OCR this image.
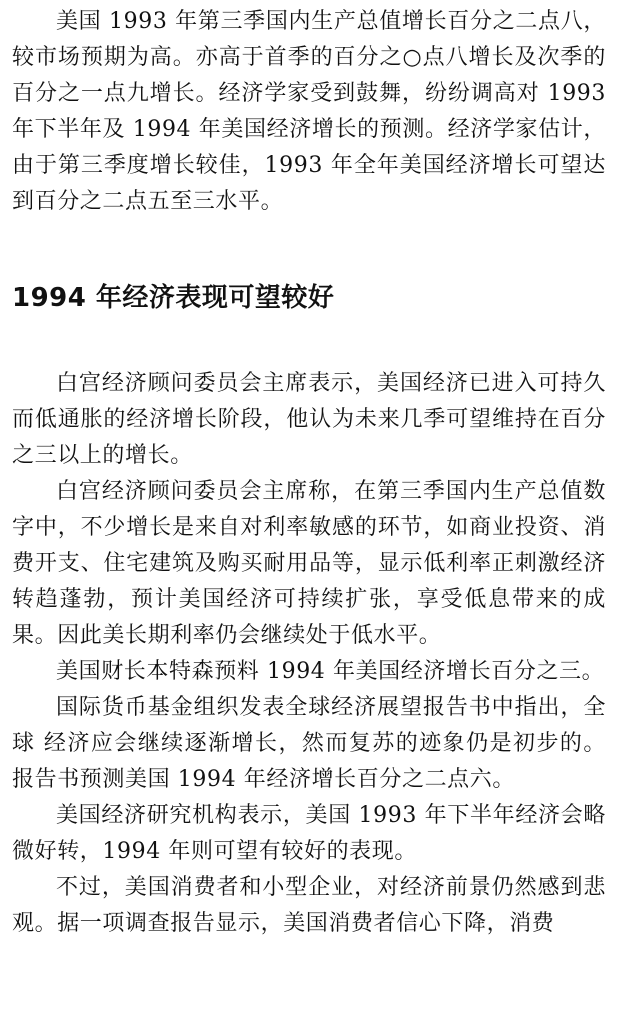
美国 1993 年第三季国内生产总值增长百分之二点八，较市场预期为高。亦高于首季的百分之○点八增长及次季的百分之一点九增长。经济学家受到鼓舞，纷纷调高对 1993 年下半年及 1994 年美国经济增长的预测。经济学家估计，由于第三季度增长较佳，1993 年全年美国经济增长可望达到百分之二点五至三水平。

1994 年经济表现可望较好

白宫经济顾问委员会主席表示，美国经济已进入可持久而低通胀的经济增长阶段，他认为未来几季可望维持在百分之三以上的增长。

白宫经济顾问委员会主席称，在第三季国内生产总值数字中，不少增长是来自对利率敏感的环节，如商业投资、消费开支、住宅建筑及购买耐用品等，显示低利率正刺激经济转趋蓬勃，预计美国经济可持续扩张，享受低息带来的成果。因此美长期利率仍会继续处于低水平。

美国财长本特森预料 1994 年美国经济增长百分之三。

国际货币基金组织发表全球经济展望报告书中指出，全球 经济应会继续逐渐增长，然而复苏的迹象仍是初步的。报告书预测美国 1994 年经济增长百分之二点六。

美国经济研究机构表示，美国 1993 年下半年经济会略微好转，1994 年则可望有较好的表现。

不过，美国消费者和小型企业，对经济前景仍然感到悲观。据一项调查报告显示，美国消费者信心下降，消费
